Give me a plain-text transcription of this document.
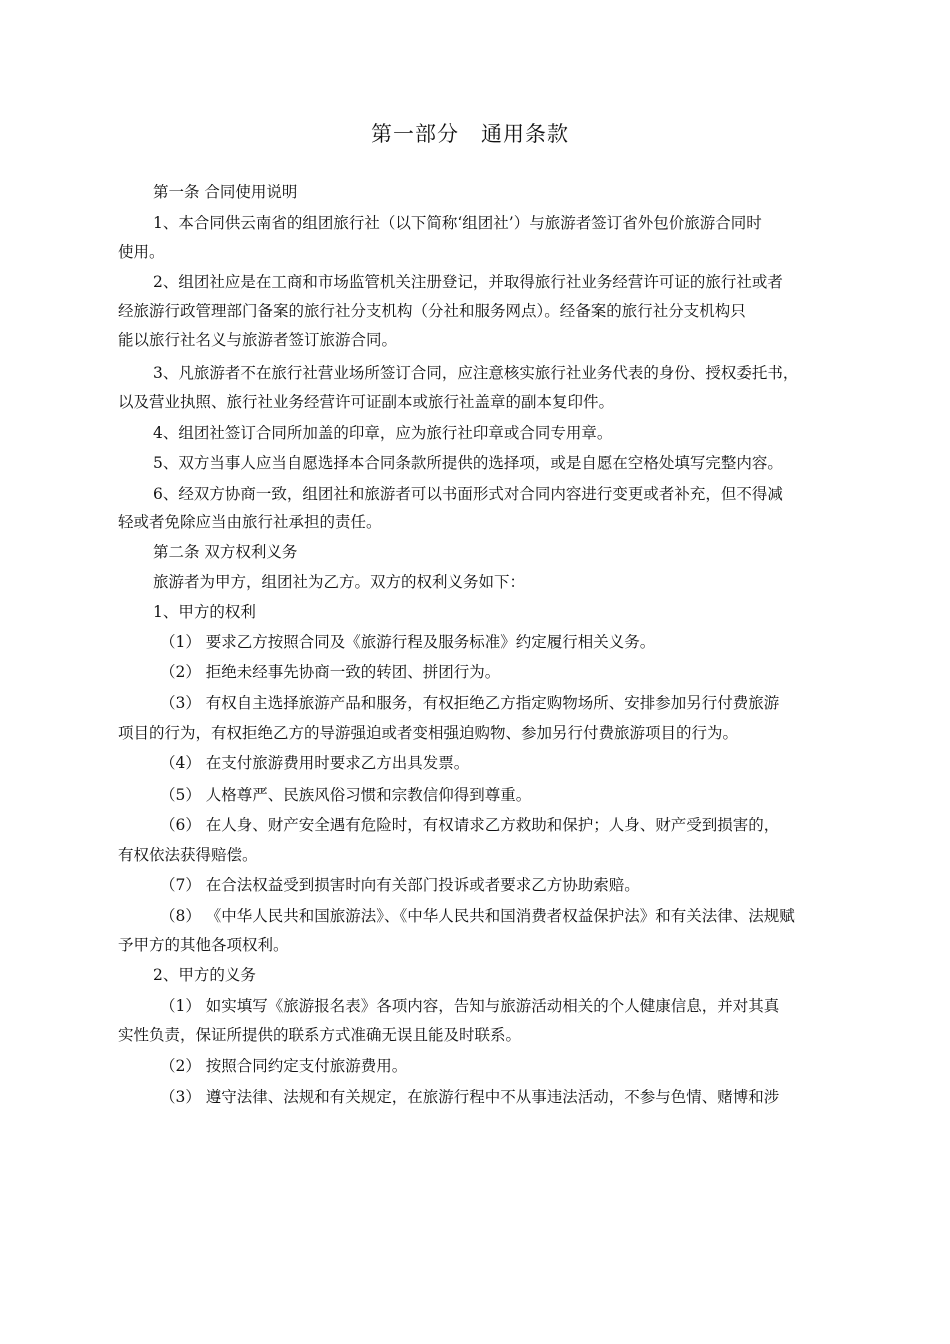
第一部分　通用条款
第一条 合同使用说明
1、本合同供云南省的组团旅行社（以下简称‘组团社’）与旅游者签订省外包价旅游合同时
使用。
2、组团社应是在工商和市场监管机关注册登记，并取得旅行社业务经营许可证的旅行社或者
经旅游行政管理部门备案的旅行社分支机构（分社和服务网点）。经备案的旅行社分支机构只
能以旅行社名义与旅游者签订旅游合同。
3、凡旅游者不在旅行社营业场所签订合同，应注意核实旅行社业务代表的身份、授权委托书，
以及营业执照、旅行社业务经营许可证副本或旅行社盖章的副本复印件。
4、组团社签订合同所加盖的印章，应为旅行社印章或合同专用章。
5、双方当事人应当自愿选择本合同条款所提供的选择项，或是自愿在空格处填写完整内容。
6、经双方协商一致，组团社和旅游者可以书面形式对合同内容进行变更或者补充，但不得减
轻或者免除应当由旅行社承担的责任。
第二条 双方权利义务
旅游者为甲方，组团社为乙方。双方的权利义务如下：
1、甲方的权利
（1） 要求乙方按照合同及《旅游行程及服务标准》约定履行相关义务。
（2） 拒绝未经事先协商一致的转团、拼团行为。
（3） 有权自主选择旅游产品和服务，有权拒绝乙方指定购物场所、安排参加另行付费旅游
项目的行为，有权拒绝乙方的导游强迫或者变相强迫购物、参加另行付费旅游项目的行为。
（4） 在支付旅游费用时要求乙方出具发票。
（5） 人格尊严、民族风俗习惯和宗教信仰得到尊重。
（6） 在人身、财产安全遇有危险时，有权请求乙方救助和保护；人身、财产受到损害的，
有权依法获得赔偿。
（7） 在合法权益受到损害时向有关部门投诉或者要求乙方协助索赔。
（8） 《中华人民共和国旅游法》、《中华人民共和国消费者权益保护法》和有关法律、法规赋
予甲方的其他各项权利。
2、甲方的义务
（1） 如实填写《旅游报名表》各项内容，告知与旅游活动相关的个人健康信息，并对其真
实性负责，保证所提供的联系方式准确无误且能及时联系。
（2） 按照合同约定支付旅游费用。
（3） 遵守法律、法规和有关规定，在旅游行程中不从事违法活动，不参与色情、赌博和涉
